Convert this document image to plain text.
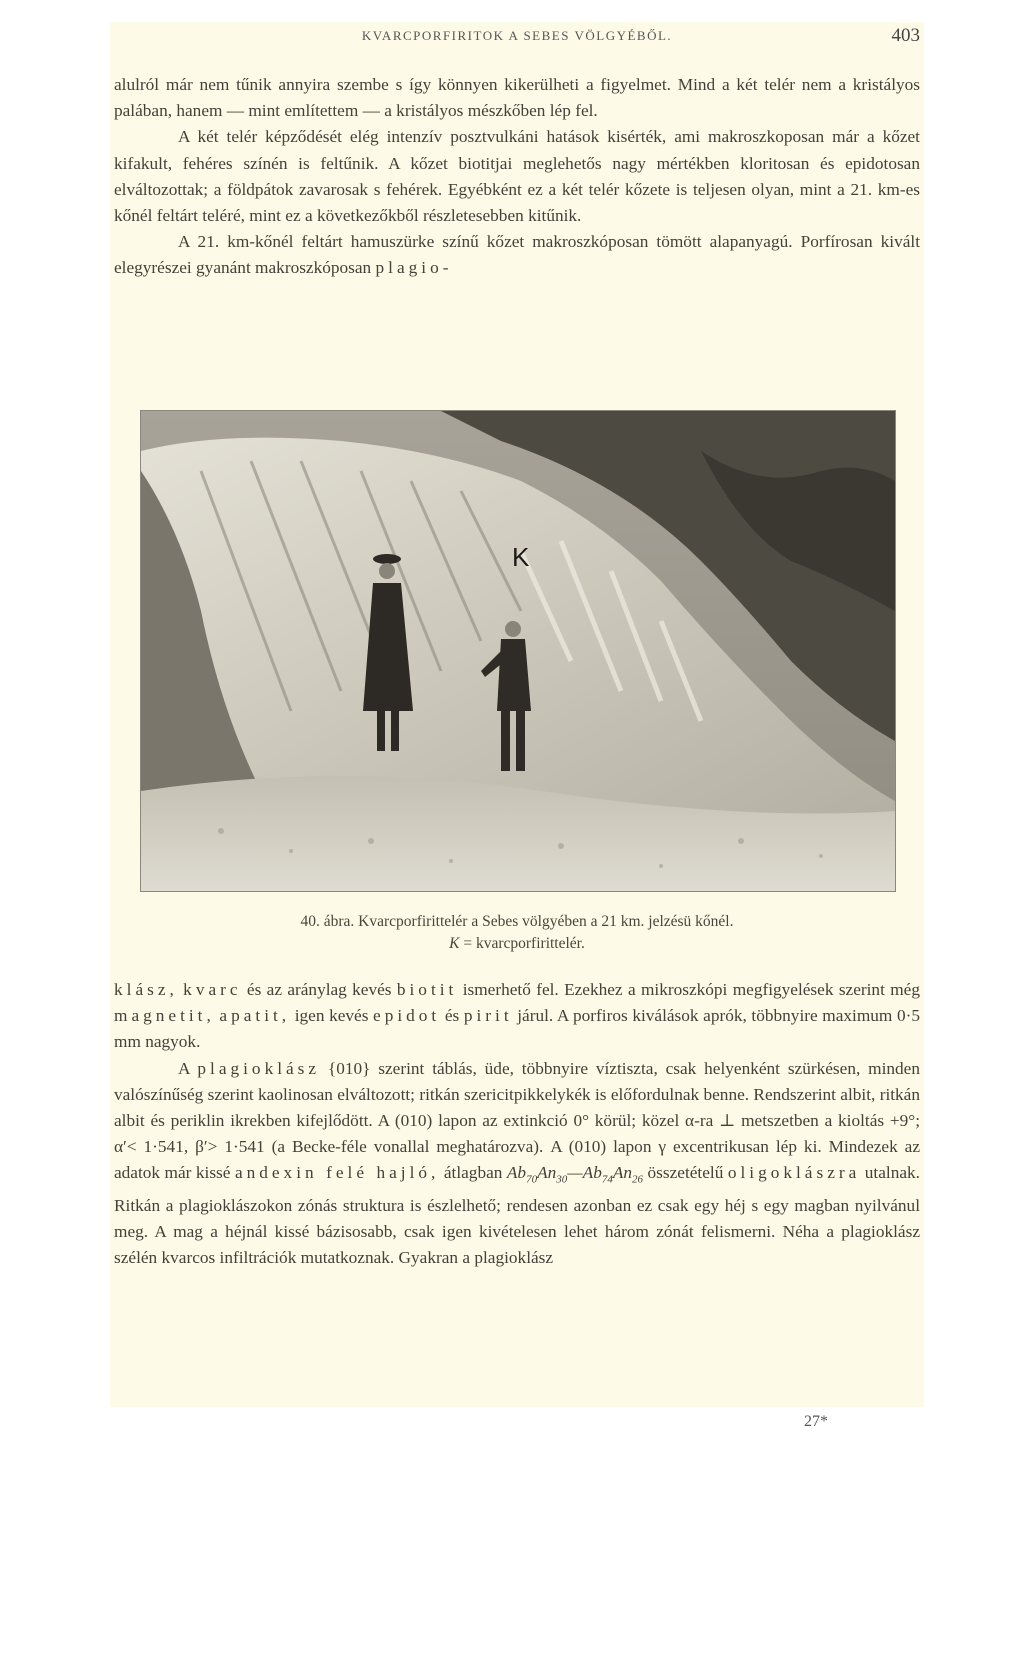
KVARCPORFIRITOK A SEBES VÖLGYÉBŐL.	403

alulról már nem tűnik annyira szembe s így könnyen kikerülheti a figyelmet. Mind a két telér nem a kristályos palában, hanem — mint említettem — a kristályos mészkőben lép fel.

A két telér képződését elég intenzív posztvulkáni hatások kisérték, ami makroszkoposan már a kőzet kifakult, fehéres színén is feltűnik. A kőzet biotitjai meglehetős nagy mértékben kloritosan és epidotosan elváltozottak; a földpátok zavarosak s fehérek. Egyébként ez a két telér kőzete is teljesen olyan, mint a 21. km-es kőnél feltárt teléré, mint ez a következőkből részletesebben kitűnik.

A 21. km-kőnél feltárt hamuszürke színű kőzet makroszkóposan tömött alapanyagú. Porfírosan kivált elegyrészei gyanánt makroszkóposan plagio-

K
40. ábra. Kvarcporfirittelér a Sebes völgyében a 21 km. jelzésü kőnél.
K = kvarcporfirittelér.

klász, kvarc és az aránylag kevés biotit ismerhető fel. Ezekhez a mikroszkópi megfigyelések szerint még magnetit, apatit, igen kevés epidot és pirit járul. A porfiros kiválások aprók, többnyire maximum 0·5 mm nagyok.

A plagioklász {010} szerint táblás, üde, többnyire víztiszta, csak helyenként szürkésen, minden valószínűség szerint kaolinosan elváltozott; ritkán szericitpikkelykék is előfordulnak benne. Rendszerint albit, ritkán albit és periklin ikrekben kifejlődött. A (010) lapon az extinkció 0° körül; közel α-ra ⊥ metszetben a kioltás +9°; α′< 1·541, β′> 1·541 (a Becke-féle vonallal meghatározva). A (010) lapon γ excentrikusan lép ki. Mindezek az adatok már kissé andexin felé hajló, átlagban $Ab_{70}An_{30}—Ab_{74}An_{26}$ összetételű oligoklászra utalnak. Ritkán a plagioklászokon zónás struktura is észlelhető; rendesen azonban ez csak egy héj s egy magban nyilvánul meg. A mag a héjnál kissé bázisosabb, csak igen kivételesen lehet három zónát felismerni. Néha a plagioklász szélén kvarcos infiltrációk mutatkoznak. Gyakran a plagioklász

27*
